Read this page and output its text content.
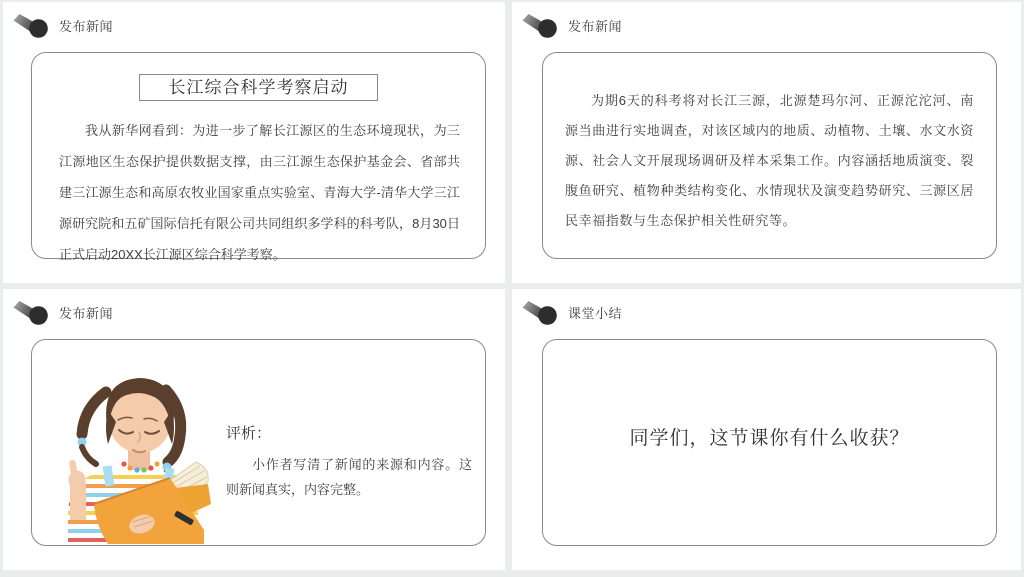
发布新闻
长江综合科学考察启动

我从新华网看到：为进一步了解长江源区的生态环境现状，为三江源地区生态保护提供数据支撑，由三江源生态保护基金会、省部共建三江源生态和高原农牧业国家重点实验室、青海大学-清华大学三江源研究院和五矿国际信托有限公司共同组织多学科的科考队，8月30日正式启动20XX长江源区综合科学考察。

发布新闻

为期6天的科考将对长江三源，北源楚玛尔河、正源沱沱河、南源当曲进行实地调查，对该区域内的地质、动植物、土壤、水文水资源、社会人文开展现场调研及样本采集工作。内容涵括地质演变、裂腹鱼研究、植物种类结构变化、水情现状及演变趋势研究、三源区居民幸福指数与生态保护相关性研究等。

发布新闻
评析：

小作者写清了新闻的来源和内容。这则新闻真实，内容完整。

课堂小结
同学们，这节课你有什么收获？
